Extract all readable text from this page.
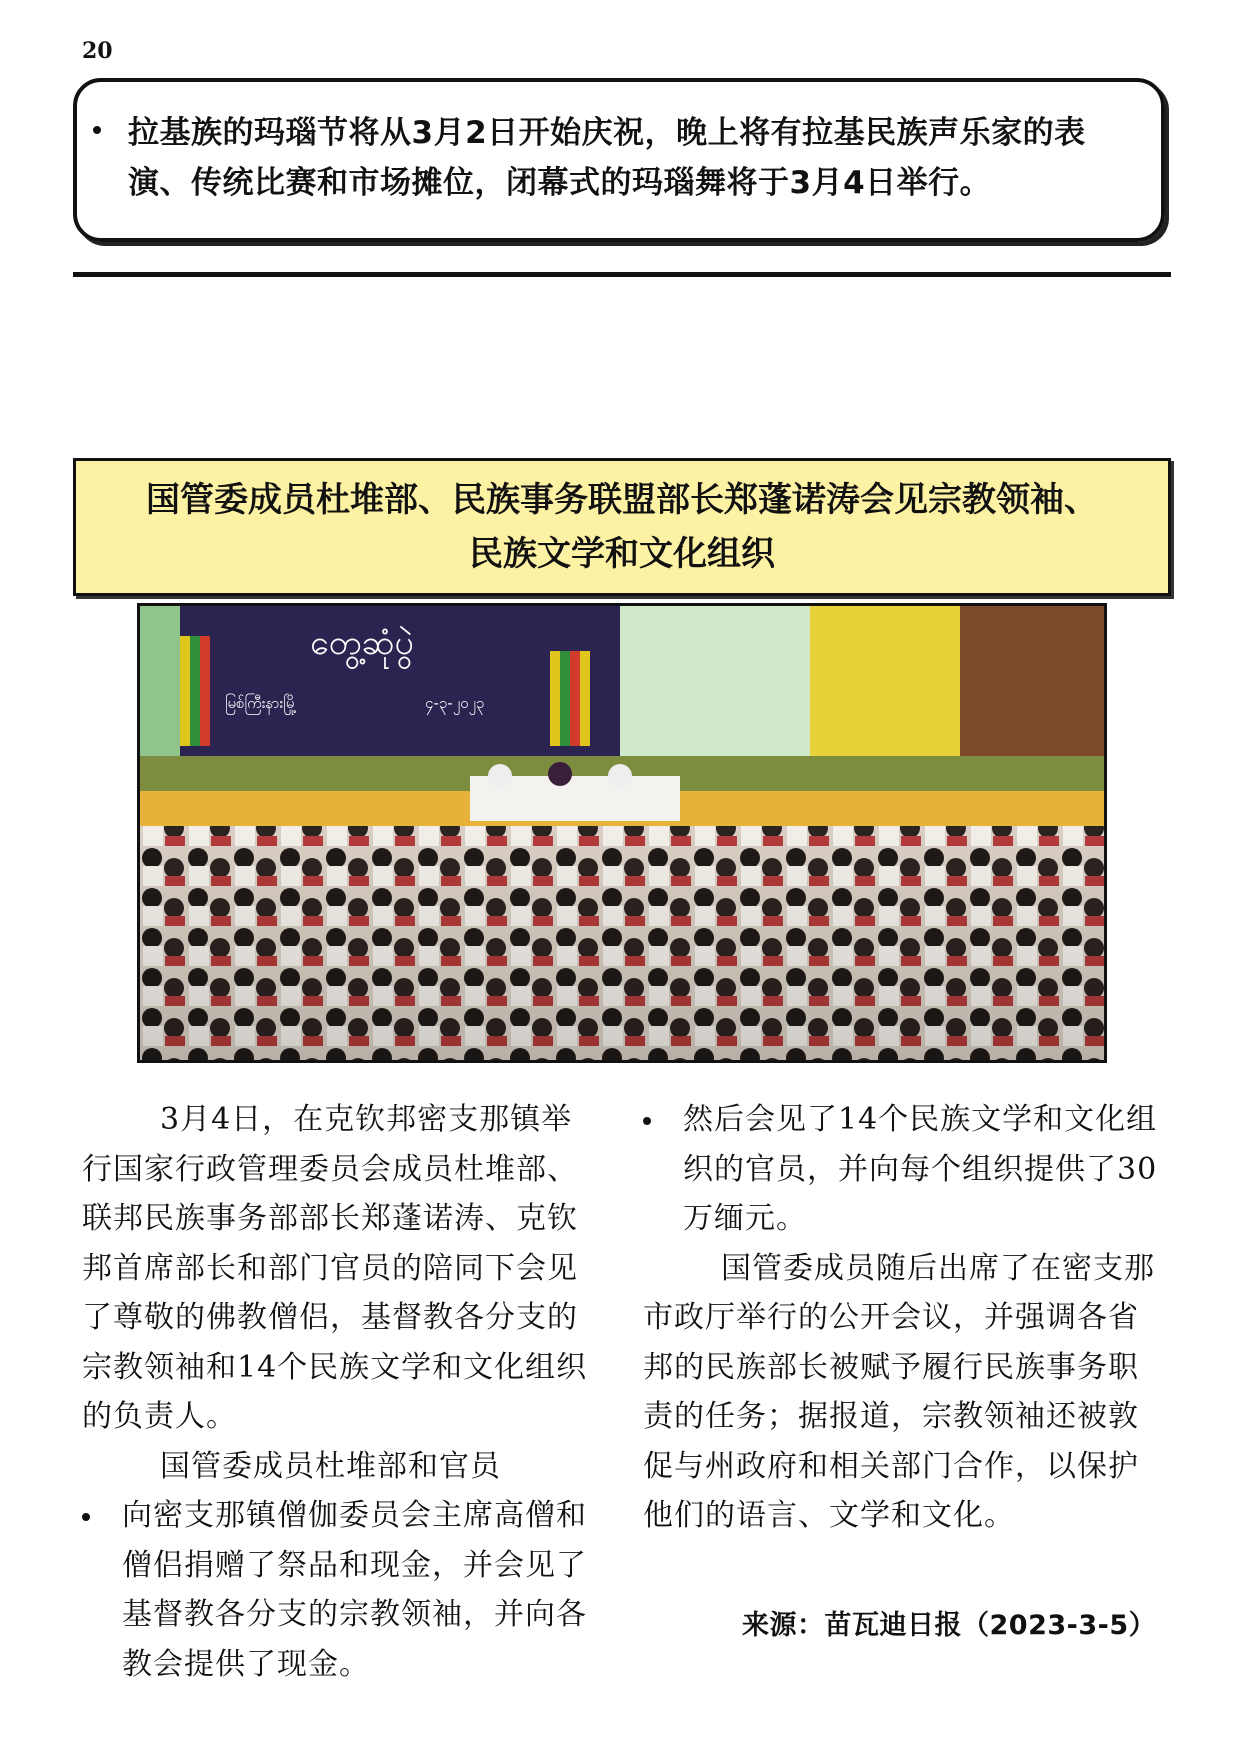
20
拉基族的玛瑙节将从3月2日开始庆祝，晚上将有拉基民族声乐家的表演、传统比赛和市场摊位，闭幕式的玛瑙舞将于3月4日举行。
国管委成员杜堆部、民族事务联盟部长郑蓬诺涛会见宗教领袖、
民族文学和文化组织
တွေ့ဆုံပွဲ
မြစ်ကြီးနားမြို့	၄-၃-၂၀၂၃

3月4日，在克钦邦密支那镇举行国家行政管理委员会成员杜堆部、联邦民族事务部部长郑蓬诺涛、克钦邦首席部长和部门官员的陪同下会见了尊敬的佛教僧侣，基督教各分支的宗教领袖和14个民族文学和文化组织的负责人。

国管委成员杜堆部和官员

向密支那镇僧伽委员会主席高僧和僧侣捐赠了祭品和现金，并会见了基督教各分支的宗教领袖，并向各教会提供了现金。
然后会见了14个民族文学和文化组织的官员，并向每个组织提供了30万缅元。

国管委成员随后出席了在密支那市政厅举行的公开会议，并强调各省邦的民族部长被赋予履行民族事务职责的任务；据报道，宗教领袖还被敦促与州政府和相关部门合作，以保护他们的语言、文学和文化。

来源：苗瓦迪日报（2023-3-5）
